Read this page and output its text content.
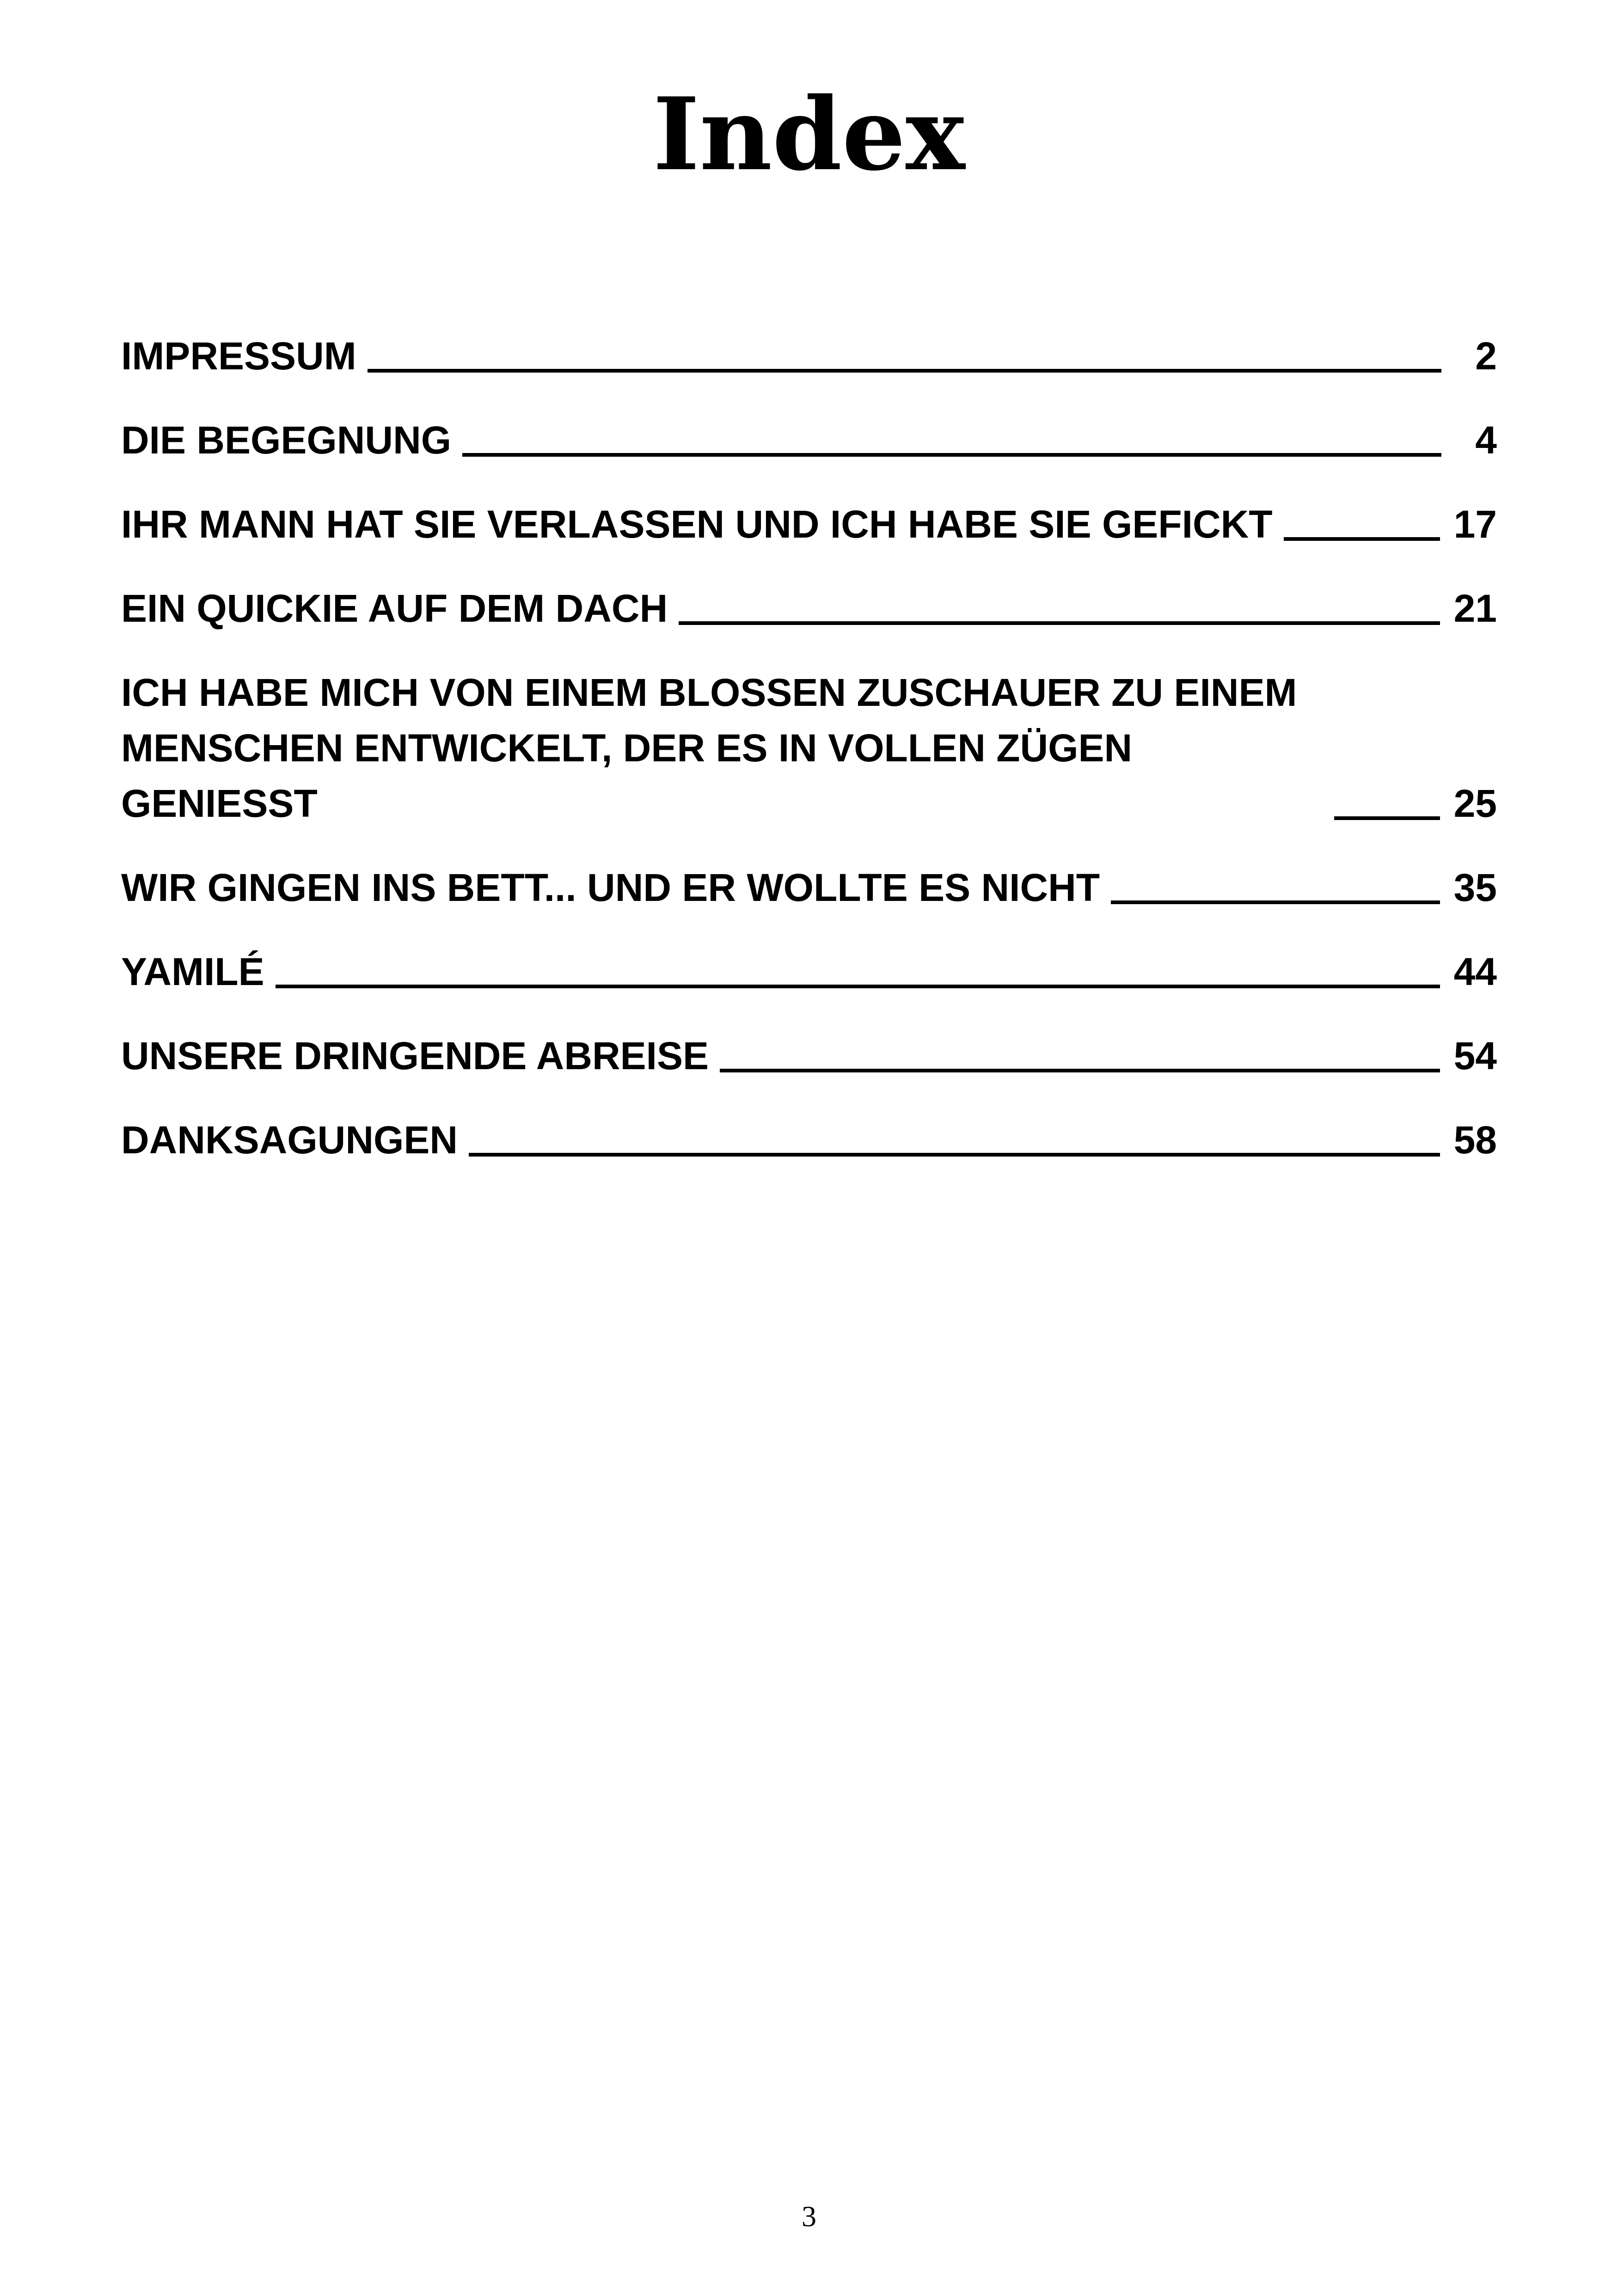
Index
IMPRESSUM	2
DIE BEGEGNUNG	4
IHR MANN HAT SIE VERLASSEN UND ICH HABE SIE GEFICKT	17
EIN QUICKIE AUF DEM DACH	21
ICH HABE MICH VON EINEM BLOSSEN ZUSCHAUER ZU EINEM MENSCHEN ENTWICKELT, DER ES IN VOLLEN ZÜGEN GENIESST	25
WIR GINGEN INS BETT... UND ER WOLLTE ES NICHT	35
YAMILÉ	44
UNSERE DRINGENDE ABREISE	54
DANKSAGUNGEN	58
3
